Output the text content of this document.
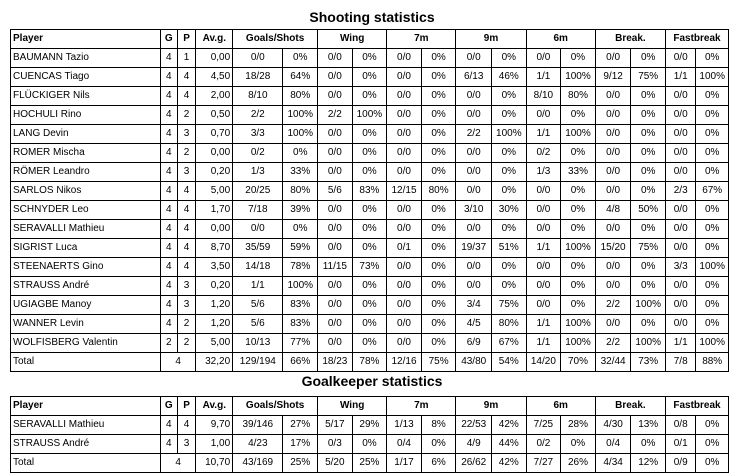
Shooting statistics
Player	G	P	Av.g.	Goals/Shots		Wing		7m		9m		6m		Break.		Fastbreak	
BAUMANN Tazio	4	1	0,00	0/0	0%	0/0	0%	0/0	0%	0/0	0%	0/0	0%	0/0	0%	0/0	0%
CUENCAS Tiago	4	4	4,50	18/28	64%	0/0	0%	0/0	0%	6/13	46%	1/1	100%	9/12	75%	1/1	100%
FLÜCKIGER Nils	4	4	2,00	8/10	80%	0/0	0%	0/0	0%	0/0	0%	8/10	80%	0/0	0%	0/0	0%
HOCHULI Rino	4	2	0,50	2/2	100%	2/2	100%	0/0	0%	0/0	0%	0/0	0%	0/0	0%	0/0	0%
LANG Devin	4	3	0,70	3/3	100%	0/0	0%	0/0	0%	2/2	100%	1/1	100%	0/0	0%	0/0	0%
ROMER Mischa	4	2	0,00	0/2	0%	0/0	0%	0/0	0%	0/0	0%	0/2	0%	0/0	0%	0/0	0%
RÖMER Leandro	4	3	0,20	1/3	33%	0/0	0%	0/0	0%	0/0	0%	1/3	33%	0/0	0%	0/0	0%
SARLOS Nikos	4	4	5,00	20/25	80%	5/6	83%	12/15	80%	0/0	0%	0/0	0%	0/0	0%	2/3	67%
SCHNYDER Leo	4	4	1,70	7/18	39%	0/0	0%	0/0	0%	3/10	30%	0/0	0%	4/8	50%	0/0	0%
SERAVALLI Mathieu	4	4	0,00	0/0	0%	0/0	0%	0/0	0%	0/0	0%	0/0	0%	0/0	0%	0/0	0%
SIGRIST Luca	4	4	8,70	35/59	59%	0/0	0%	0/1	0%	19/37	51%	1/1	100%	15/20	75%	0/0	0%
STEENAERTS Gino	4	4	3,50	14/18	78%	11/15	73%	0/0	0%	0/0	0%	0/0	0%	0/0	0%	3/3	100%
STRAUSS André	4	3	0,20	1/1	100%	0/0	0%	0/0	0%	0/0	0%	0/0	0%	0/0	0%	0/0	0%
UGIAGBE Manoy	4	3	1,20	5/6	83%	0/0	0%	0/0	0%	3/4	75%	0/0	0%	2/2	100%	0/0	0%
WANNER Levin	4	2	1,20	5/6	83%	0/0	0%	0/0	0%	4/5	80%	1/1	100%	0/0	0%	0/0	0%
WOLFISBERG Valentin	2	2	5,00	10/13	77%	0/0	0%	0/0	0%	6/9	67%	1/1	100%	2/2	100%	1/1	100%
Total	4		32,20	129/194	66%	18/23	78%	12/16	75%	43/80	54%	14/20	70%	32/44	73%	7/8	88%
Goalkeeper statistics
Player	G	P	Av.g.	Goals/Shots		Wing		7m		9m		6m		Break.		Fastbreak	
SERAVALLI Mathieu	4	4	9,70	39/146	27%	5/17	29%	1/13	8%	22/53	42%	7/25	28%	4/30	13%	0/8	0%
STRAUSS André	4	3	1,00	4/23	17%	0/3	0%	0/4	0%	4/9	44%	0/2	0%	0/4	0%	0/1	0%
Total	4		10,70	43/169	25%	5/20	25%	1/17	6%	26/62	42%	7/27	26%	4/34	12%	0/9	0%
